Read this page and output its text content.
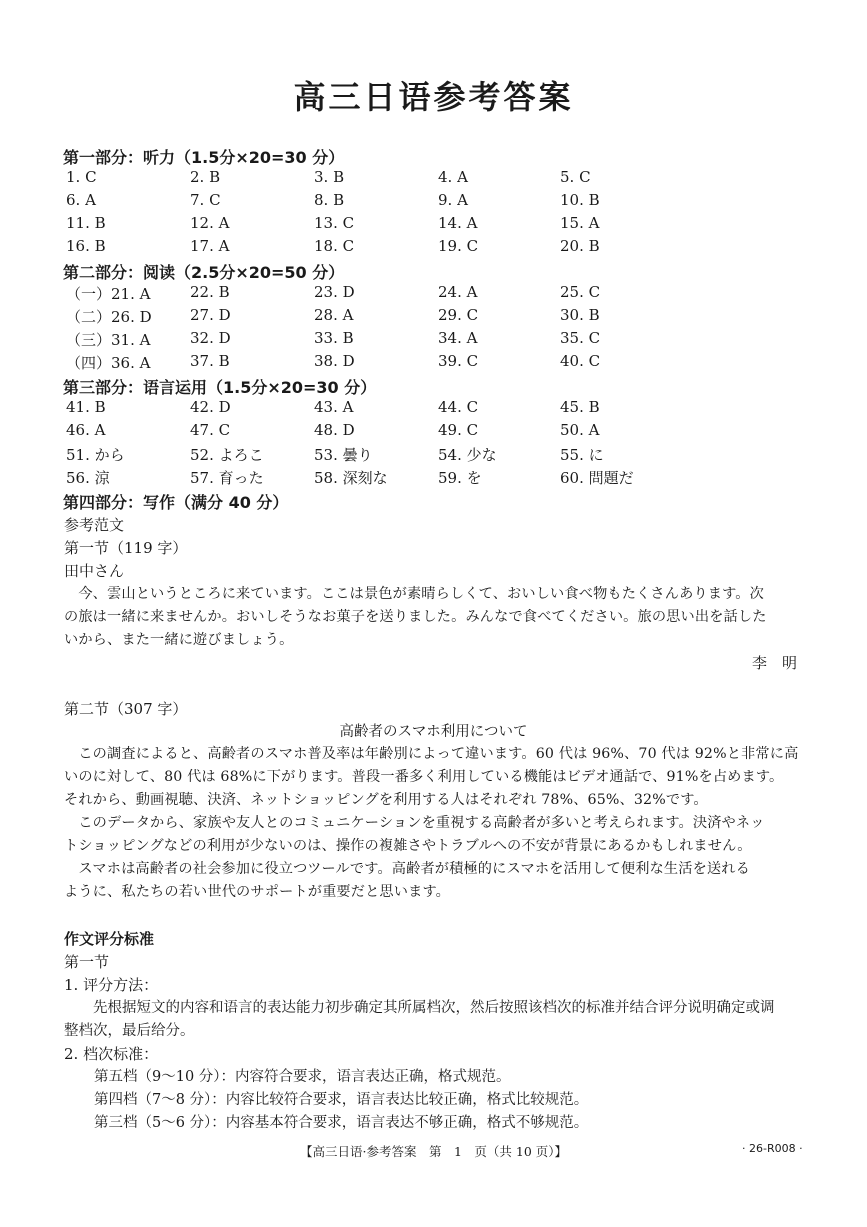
高三日语参考答案
第一部分：听力（1.5分×20=30 分）
1. C	2. B	3. B	4. A	5. C
6. A	7. C	8. B	9. A	10. B
11. B	12. A	13. C	14. A	15. A
16. B	17. A	18. C	19. C	20. B
第二部分：阅读（2.5分×20=50 分）
（一）21. A	22. B	23. D	24. A	25. C
（二）26. D	27. D	28. A	29. C	30. B
（三）31. A	32. D	33. B	34. A	35. C
（四）36. A	37. B	38. D	39. C	40. C
第三部分：语言运用（1.5分×20=30 分）
41. B	42. D	43. A	44. C	45. B
46. A	47. C	48. D	49. C	50. A
51. から	52. よろこ	53. 曇り	54. 少な	55. に
56. 涼	57. 育った	58. 深刻な	59. を	60. 問題だ
第四部分：写作（满分 40 分）
参考范文
第一节（119 字）
田中さん
　今、雲山というところに来ています。ここは景色が素晴らしくて、おいしい食べ物もたくさんあります。次
の旅は一緒に来ませんか。おいしそうなお菓子を送りました。みんなで食べてください。旅の思い出を話した
いから、また一緒に遊びましょう。
李　明
第二节（307 字）
高齢者のスマホ利用について
　この調査によると、高齢者のスマホ普及率は年齢別によって違います。60 代は 96%、70 代は 92%と非常に高
いのに対して、80 代は 68%に下がります。普段一番多く利用している機能はビデオ通話で、91%を占めます。
それから、動画視聴、決済、ネットショッピングを利用する人はそれぞれ 78%、65%、32%です。
　このデータから、家族や友人とのコミュニケーションを重視する高齢者が多いと考えられます。決済やネッ
トショッピングなどの利用が少ないのは、操作の複雑さやトラブルへの不安が背景にあるかもしれません。
　スマホは高齢者の社会参加に役立つツールです。高齢者が積極的にスマホを活用して便利な生活を送れる
ように、私たちの若い世代のサポートが重要だと思います。
作文评分标准
第一节
1. 评分方法：
　　先根据短文的内容和语言的表达能力初步确定其所属档次，然后按照该档次的标准并结合评分说明确定或调
整档次，最后给分。
2. 档次标准：
第五档（9～10 分）：内容符合要求，语言表达正确，格式规范。
第四档（7～8 分）：内容比较符合要求，语言表达比较正确，格式比较规范。
第三档（5～6 分）：内容基本符合要求，语言表达不够正确，格式不够规范。
【高三日语·参考答案　第　1　页（共 10 页）】	· 26-R008 ·
